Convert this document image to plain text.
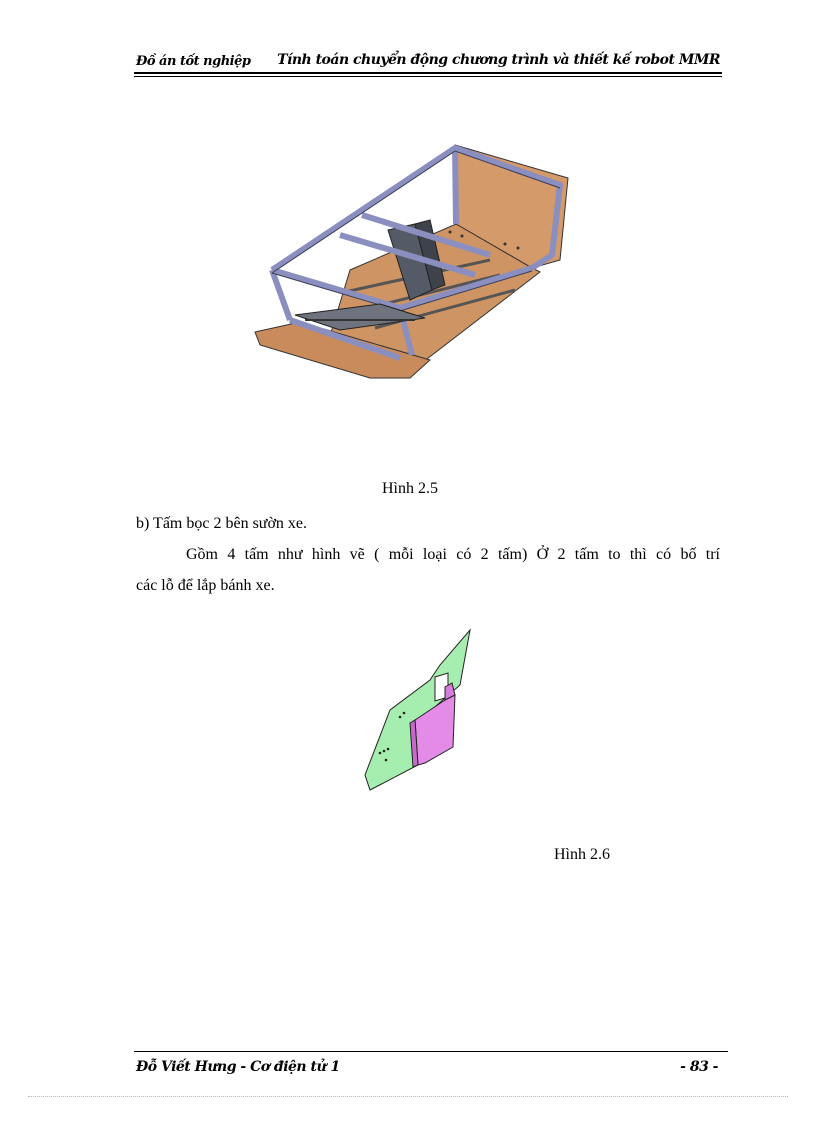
Đồ án tốt nghiệp Tính toán chuyển động chương trình và thiết kế robot MMR
Hình 2.5
b) Tấm bọc 2 bên sườn xe.
Gồm 4 tấm như hình vẽ ( mỗi loại có 2 tấm) Ở 2 tấm to thì có bố trí
các lỗ để lắp bánh xe.
Hình 2.6
Đỗ Viết Hưng - Cơ điện tử 1	- 83 -
